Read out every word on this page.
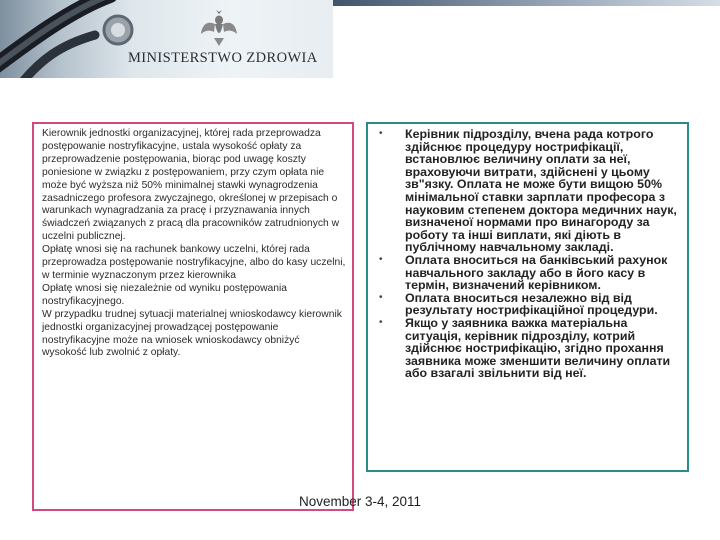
MINISTERSTWO ZDROWIA

Kierownik jednostki organizacyjnej, której rada przeprowadza postępowanie nostryfikacyjne, ustala wysokość opłaty za przeprowadzenie postępowania, biorąc pod uwagę koszty poniesione w związku z postępowaniem, przy czym opłata nie może być wyższa niż 50% minimalnej stawki wynagrodzenia zasadniczego profesora zwyczajnego, określonej w przepisach o warunkach wynagradzania za pracę i przyznawania innych świadczeń związanych z pracą dla pracowników zatrudnionych w uczelni publicznej.

Opłatę wnosi się na rachunek bankowy uczelni, której rada przeprowadza postępowanie nostryfikacyjne, albo do kasy uczelni, w terminie wyznaczonym przez kierownika

Opłatę wnosi się niezależnie od wyniku postępowania nostryfikacyjnego.

W przypadku trudnej sytuacji materialnej wnioskodawcy kierownik jednostki organizacyjnej prowadzącej postępowanie nostryfikacyjne może na wniosek wnioskodawcy obniżyć wysokość lub zwolnić z opłaty.

• Керівник підрозділу, вчена рада котрого здійснює процедуру нострифікації, встановлює величину оплати за неї, враховуючи витрати, здійснені у цьому зв"язку. Оплата не може бути вищою 50% мінімальної ставки зарплати професора з науковим степенем доктора медичних наук, визначеної нормами про винагороду за роботу та інші виплати, які діють в публічному навчальному закладі.
• Оплата вноситься на банківський рахунок навчального закладу або в його касу в термін, визначений керівником.
• Оплата вноситься незалежно від від результату нострифікаційної процедури.
• Якщо у заявника важка матеріальна ситуація, керівник підрозділу, котрий здійснює нострифікацію, згідно прохання заявника може зменшити величину оплати або взагалі звільнити від неї.
November 3-4, 2011
